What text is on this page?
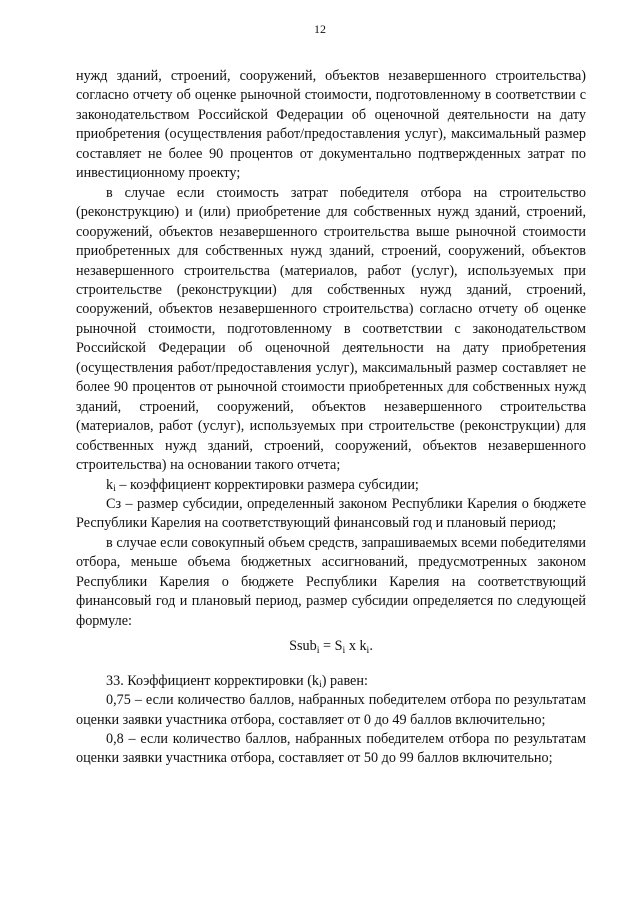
12

нужд зданий, строений, сооружений, объектов незавершенного строительства) согласно отчету об оценке рыночной стоимости, подготовленному в соответствии с законодательством Российской Федерации об оценочной деятельности на дату приобретения (осуществления работ/предоставления услуг), максимальный размер составляет не более 90 процентов от документально подтвержденных затрат по инвестиционному проекту;

в случае если стоимость затрат победителя отбора на строительство (реконструкцию) и (или) приобретение для собственных нужд зданий, строений, сооружений, объектов незавершенного строительства выше рыночной стоимости приобретенных для собственных нужд зданий, строений, сооружений, объектов незавершенного строительства (материалов, работ (услуг), используемых при строительстве (реконструкции) для собственных нужд зданий, строений, сооружений, объектов незавершенного строительства) согласно отчету об оценке рыночной стоимости, подготовленному в соответствии с законодательством Российской Федерации об оценочной деятельности на дату приобретения (осуществления работ/предоставления услуг), максимальный размер составляет не более 90 процентов от рыночной стоимости приобретенных для собственных нужд зданий, строений, сооружений, объектов незавершенного строительства (материалов, работ (услуг), используемых при строительстве (реконструкции) для собственных нужд зданий, строений, сооружений, объектов незавершенного строительства) на основании такого отчета;

$k_i$ – коэффициент корректировки размера субсидии;

Cз – размер субсидии, определенный законом Республики Карелия о бюджете Республики Карелия на соответствующий финансовый год и плановый период;

в случае если совокупный объем средств, запрашиваемых всеми победителями отбора, меньше объема бюджетных ассигнований, предусмотренных законом Республики Карелия о бюджете Республики Карелия на соответствующий финансовый год и плановый период, размер субсидии определяется по следующей формуле:

Ssub$_i$ = $S_i$ x $k_i$.

33. Коэффициент корректировки $(k_i)$ равен:

0,75 – если количество баллов, набранных победителем отбора по результатам оценки заявки участника отбора, составляет от 0 до 49 баллов включительно;

0,8 – если количество баллов, набранных победителем отбора по результатам оценки заявки участника отбора, составляет от 50 до 99 баллов включительно;
